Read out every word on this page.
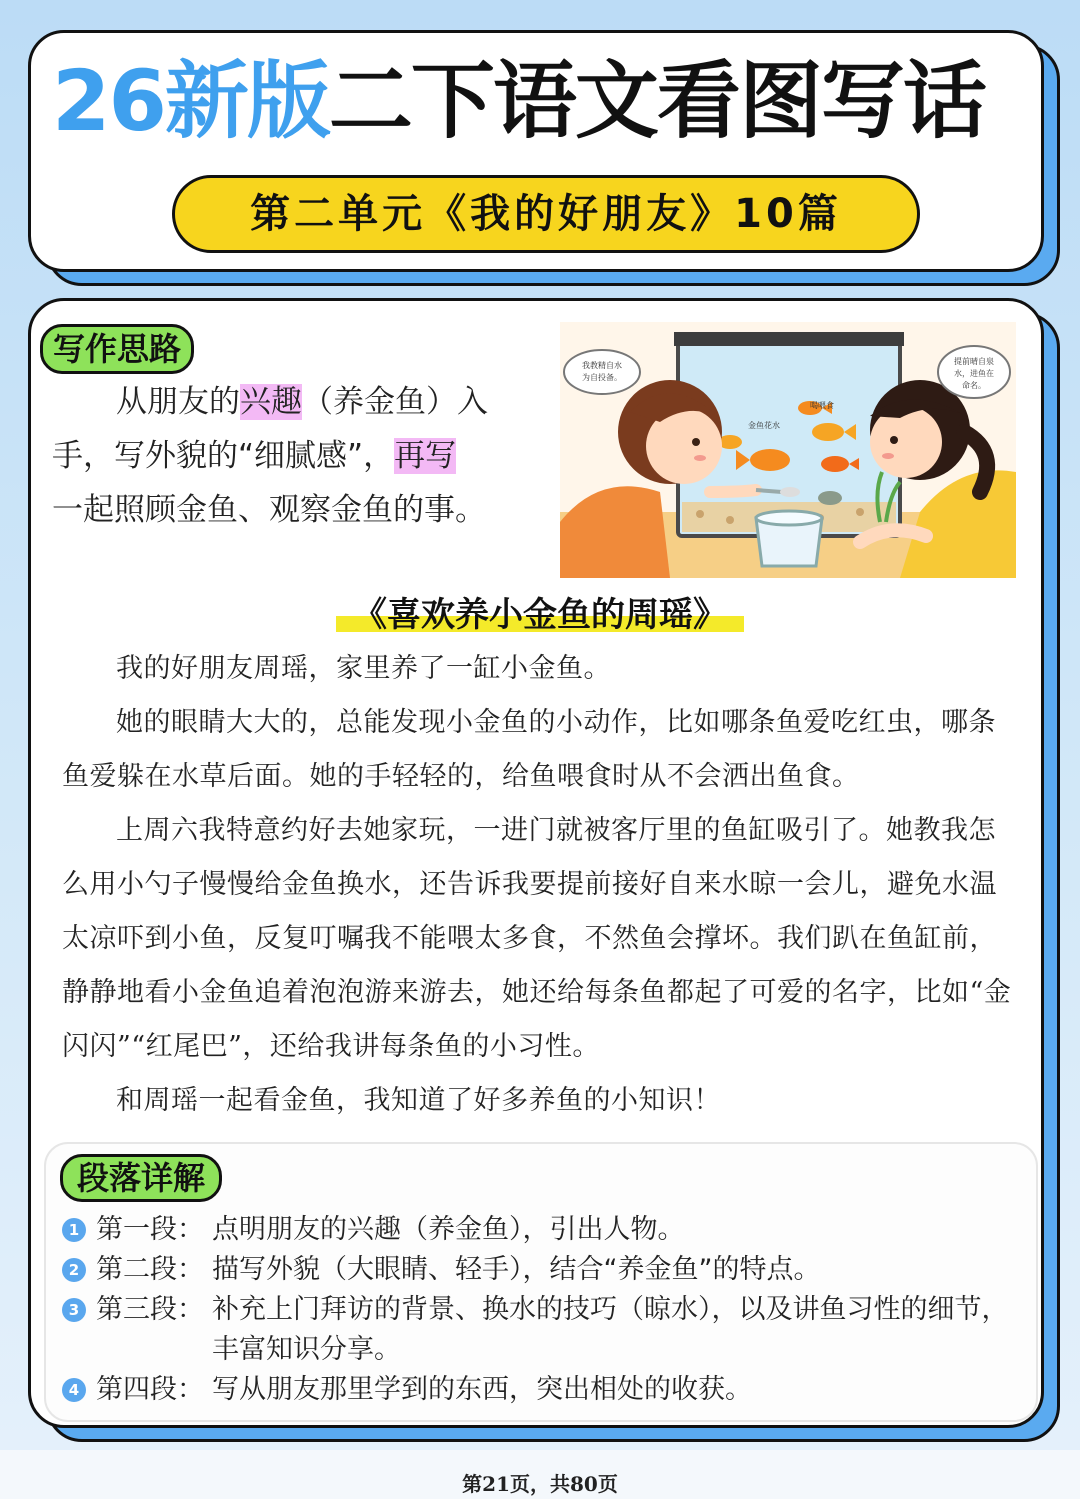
26新版二下语文看图写话
第二单元《我的好朋友》10篇
写作思路

从朋友的兴趣（养金鱼）入

手，写外貌的“细腻感”，再写

一起照顾金鱼、观察金鱼的事。

我教精自水
为自投备。
提前晴自泉
水，进鱼在
命名。
喝喂食
金鱼花水
《喜欢养小金鱼的周瑶》

我的好朋友周瑶，家里养了一缸小金鱼。

她的眼睛大大的，总能发现小金鱼的小动作，比如哪条鱼爱吃红虫，哪条鱼爱躲在水草后面。她的手轻轻的，给鱼喂食时从不会洒出鱼食。

上周六我特意约好去她家玩，一进门就被客厅里的鱼缸吸引了。她教我怎么用小勺子慢慢给金鱼换水，还告诉我要提前接好自来水晾一会儿，避免水温太凉吓到小鱼，反复叮嘱我不能喂太多食，不然鱼会撑坏。我们趴在鱼缸前，静静地看小金鱼追着泡泡游来游去，她还给每条鱼都起了可爱的名字，比如“金闪闪”“红尾巴”，还给我讲每条鱼的小习性。

和周瑶一起看金鱼，我知道了好多养鱼的小知识！

段落详解
1 第一段： 点明朋友的兴趣（养金鱼），引出人物。
2 第二段： 描写外貌（大眼睛、轻手），结合“养金鱼”的特点。
3 第三段： 补充上门拜访的背景、换水的技巧（晾水），以及讲鱼习性的细节，丰富知识分享。
4 第四段： 写从朋友那里学到的东西，突出相处的收获。
第21页，共80页
